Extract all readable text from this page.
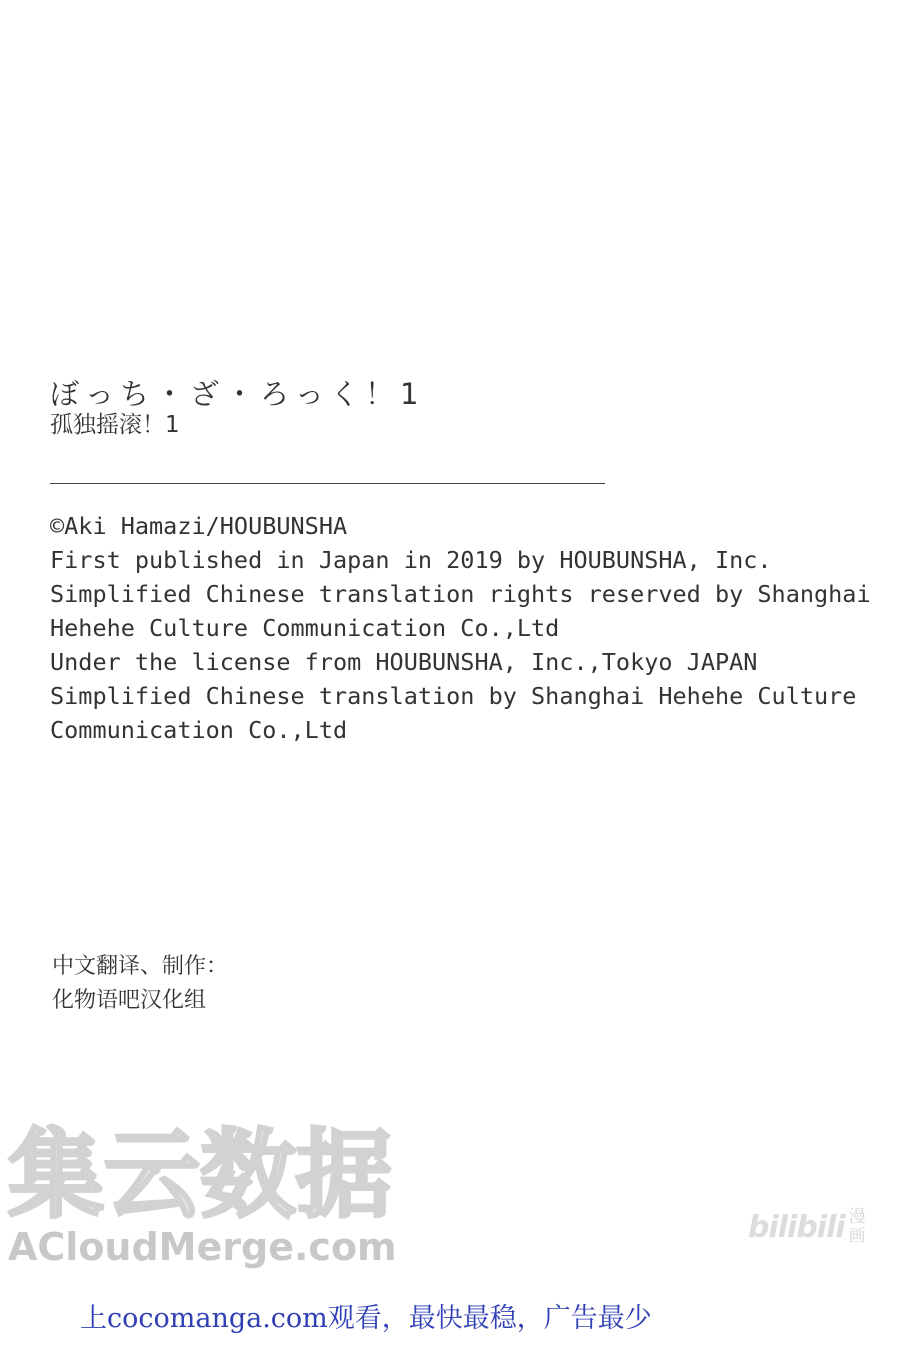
ぼっち・ざ・ろっく！1
孤独摇滚！1
©Aki Hamazi/HOUBUNSHA
First published in Japan in 2019 by HOUBUNSHA, Inc.
Simplified Chinese translation rights reserved by Shanghai
Hehehe Culture Communication Co.,Ltd
Under the license from HOUBUNSHA, Inc.,Tokyo JAPAN
Simplified Chinese translation by Shanghai Hehehe Culture
Communication Co.,Ltd
中文翻译、制作：
化物语吧汉化组
集云数据
ACloudMerge.com	bilibili 漫
画
上cocomanga.com观看，最快最稳，广告最少
